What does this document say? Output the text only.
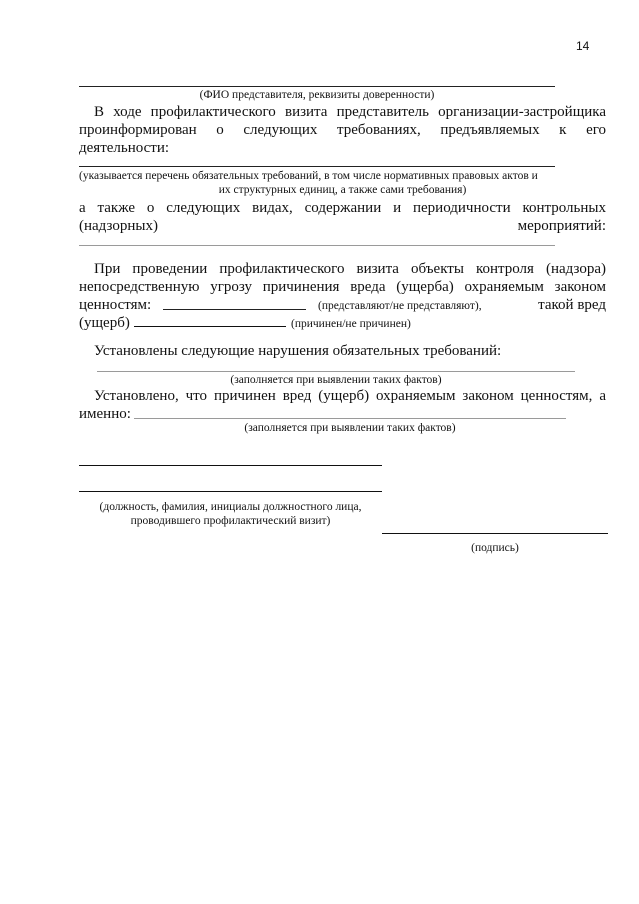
14
(ФИО представителя, реквизиты доверенности)
В ходе профилактического визита представитель организации-застройщика
проинформирован о следующих требованиях, предъявляемых к его
деятельности:
(указывается перечень обязательных требований, в том числе нормативных правовых актов и
их структурных единиц, а также сами требования)
а также о следующих видах, содержании и периодичности контрольных
(надзорных)	мероприятий:
При проведении профилактического визита объекты контроля (надзора)
непосредственную угрозу причинения вреда (ущерба) охраняемым законом
ценностям:	(представляют/не представляют),	такой вред
(ущерб)	(причинен/не причинен)
Установлены следующие нарушения обязательных требований:
(заполняется при выявлении таких фактов)
Установлено, что причинен вред (ущерб) охраняемым законом ценностям, а
именно:
(заполняется при выявлении таких фактов)
(должность, фамилия, инициалы должностного лица,
проводившего профилактический визит)
(подпись)
